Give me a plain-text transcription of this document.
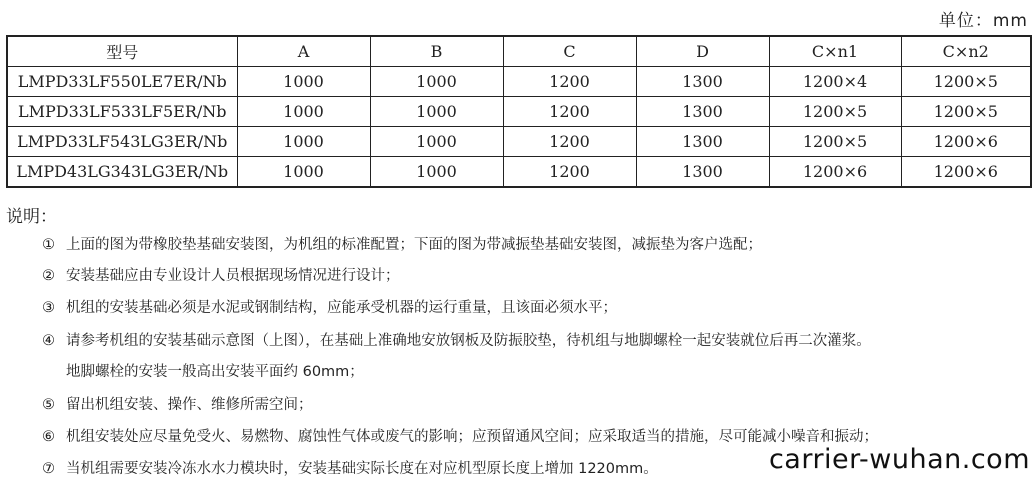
单位：mm
型号	A	B	C	D	C×n1	C×n2
LMPD33LF550LE7ER/Nb	1000	1000	1200	1300	1200×4	1200×5
LMPD33LF533LF5ER/Nb	1000	1000	1200	1300	1200×5	1200×5
LMPD33LF543LG3ER/Nb	1000	1000	1200	1300	1200×5	1200×6
LMPD43LG343LG3ER/Nb	1000	1000	1200	1300	1200×6	1200×6
说明：
① 上面的图为带橡胶垫基础安装图，为机组的标准配置；下面的图为带减振垫基础安装图，减振垫为客户选配；
② 安装基础应由专业设计人员根据现场情况进行设计；
③ 机组的安装基础必须是水泥或钢制结构，应能承受机器的运行重量，且该面必须水平；
④ 请参考机组的安装基础示意图（上图），在基础上准确地安放钢板及防振胶垫，待机组与地脚螺栓一起安装就位后再二次灌浆。
地脚螺栓的安装一般高出安装平面约 60mm；
⑤ 留出机组安装、操作、维修所需空间；
⑥ 机组安装处应尽量免受火、易燃物、腐蚀性气体或废气的影响；应预留通风空间；应采取适当的措施，尽可能减小噪音和振动；
⑦ 当机组需要安装冷冻水水力模块时，安装基础实际长度在对应机型原长度上增加 1220mm。	carrier-wuhan.com
